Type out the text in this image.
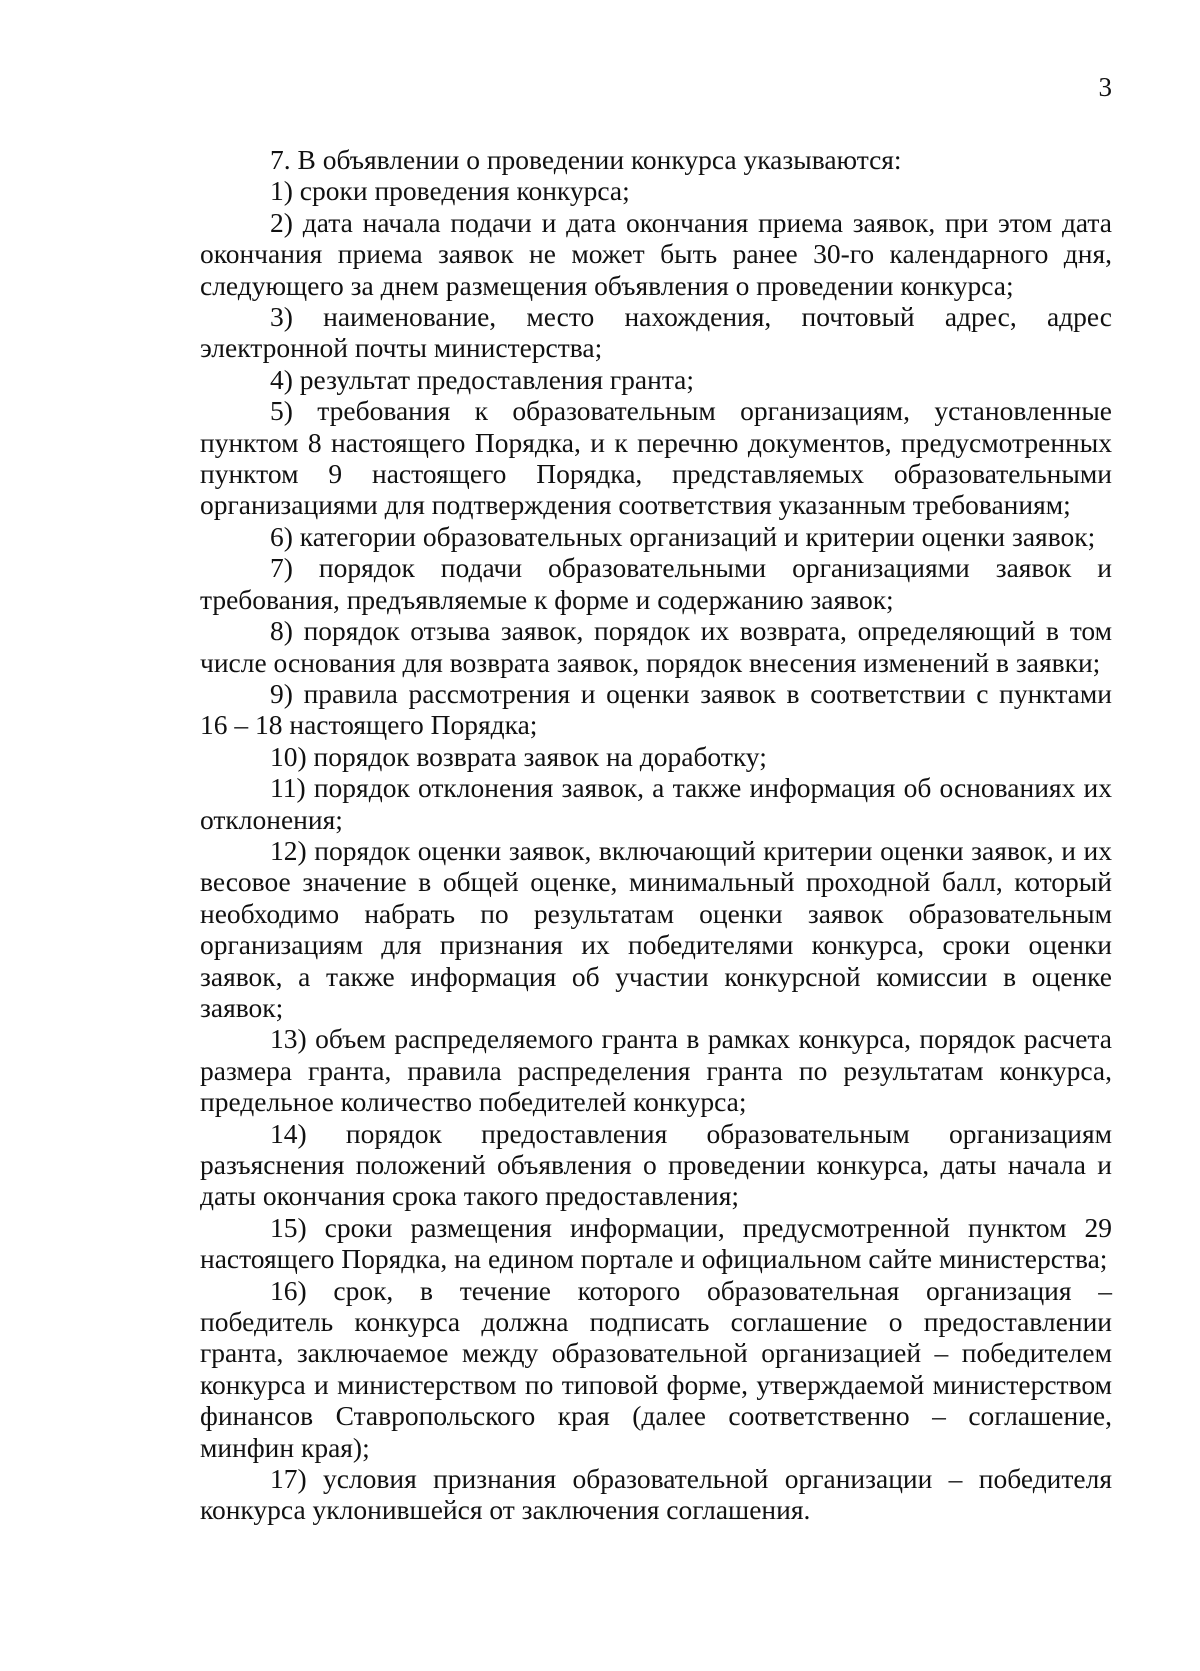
3

7. В объявлении о проведении конкурса указываются:

1) сроки проведения конкурса;

2) дата начала подачи и дата окончания приема заявок, при этом дата окончания приема заявок не может быть ранее 30-го календарного дня, следующего за днем размещения объявления о проведении конкурса;

3) наименование, место нахождения, почтовый адрес, адрес электронной почты министерства;

4) результат предоставления гранта;

5) требования к образовательным организациям, установленные пунктом 8 настоящего Порядка, и к перечню документов, предусмотренных пунктом 9 настоящего Порядка, представляемых образовательными организациями для подтверждения соответствия указанным требованиям;

6) категории образовательных организаций и критерии оценки заявок;

7) порядок подачи образовательными организациями заявок и требования, предъявляемые к форме и содержанию заявок;

8) порядок отзыва заявок, порядок их возврата, определяющий в том числе основания для возврата заявок, порядок внесения изменений в заявки;

9) правила рассмотрения и оценки заявок в соответствии с пунктами 16 – 18 настоящего Порядка;

10) порядок возврата заявок на доработку;

11) порядок отклонения заявок, а также информация об основаниях их отклонения;

12) порядок оценки заявок, включающий критерии оценки заявок, и их весовое значение в общей оценке, минимальный проходной балл, который необходимо набрать по результатам оценки заявок образовательным организациям для признания их победителями конкурса, сроки оценки заявок, а также информация об участии конкурсной комиссии в оценке заявок;

13) объем распределяемого гранта в рамках конкурса, порядок расчета размера гранта, правила распределения гранта по результатам конкурса, предельное количество победителей конкурса;

14) порядок предоставления образовательным организациям разъяснения положений объявления о проведении конкурса, даты начала и даты окончания срока такого предоставления;

15) сроки размещения информации, предусмотренной пунктом 29 настоящего Порядка, на едином портале и официальном сайте министерства;

16) срок, в течение которого образовательная организация – победитель конкурса должна подписать соглашение о предоставлении гранта, заключаемое между образовательной организацией – победителем конкурса и министерством по типовой форме, утверждаемой министерством финансов Ставропольского края (далее соответственно – соглашение, минфин края);

17) условия признания образовательной организации – победителя конкурса уклонившейся от заключения соглашения.
